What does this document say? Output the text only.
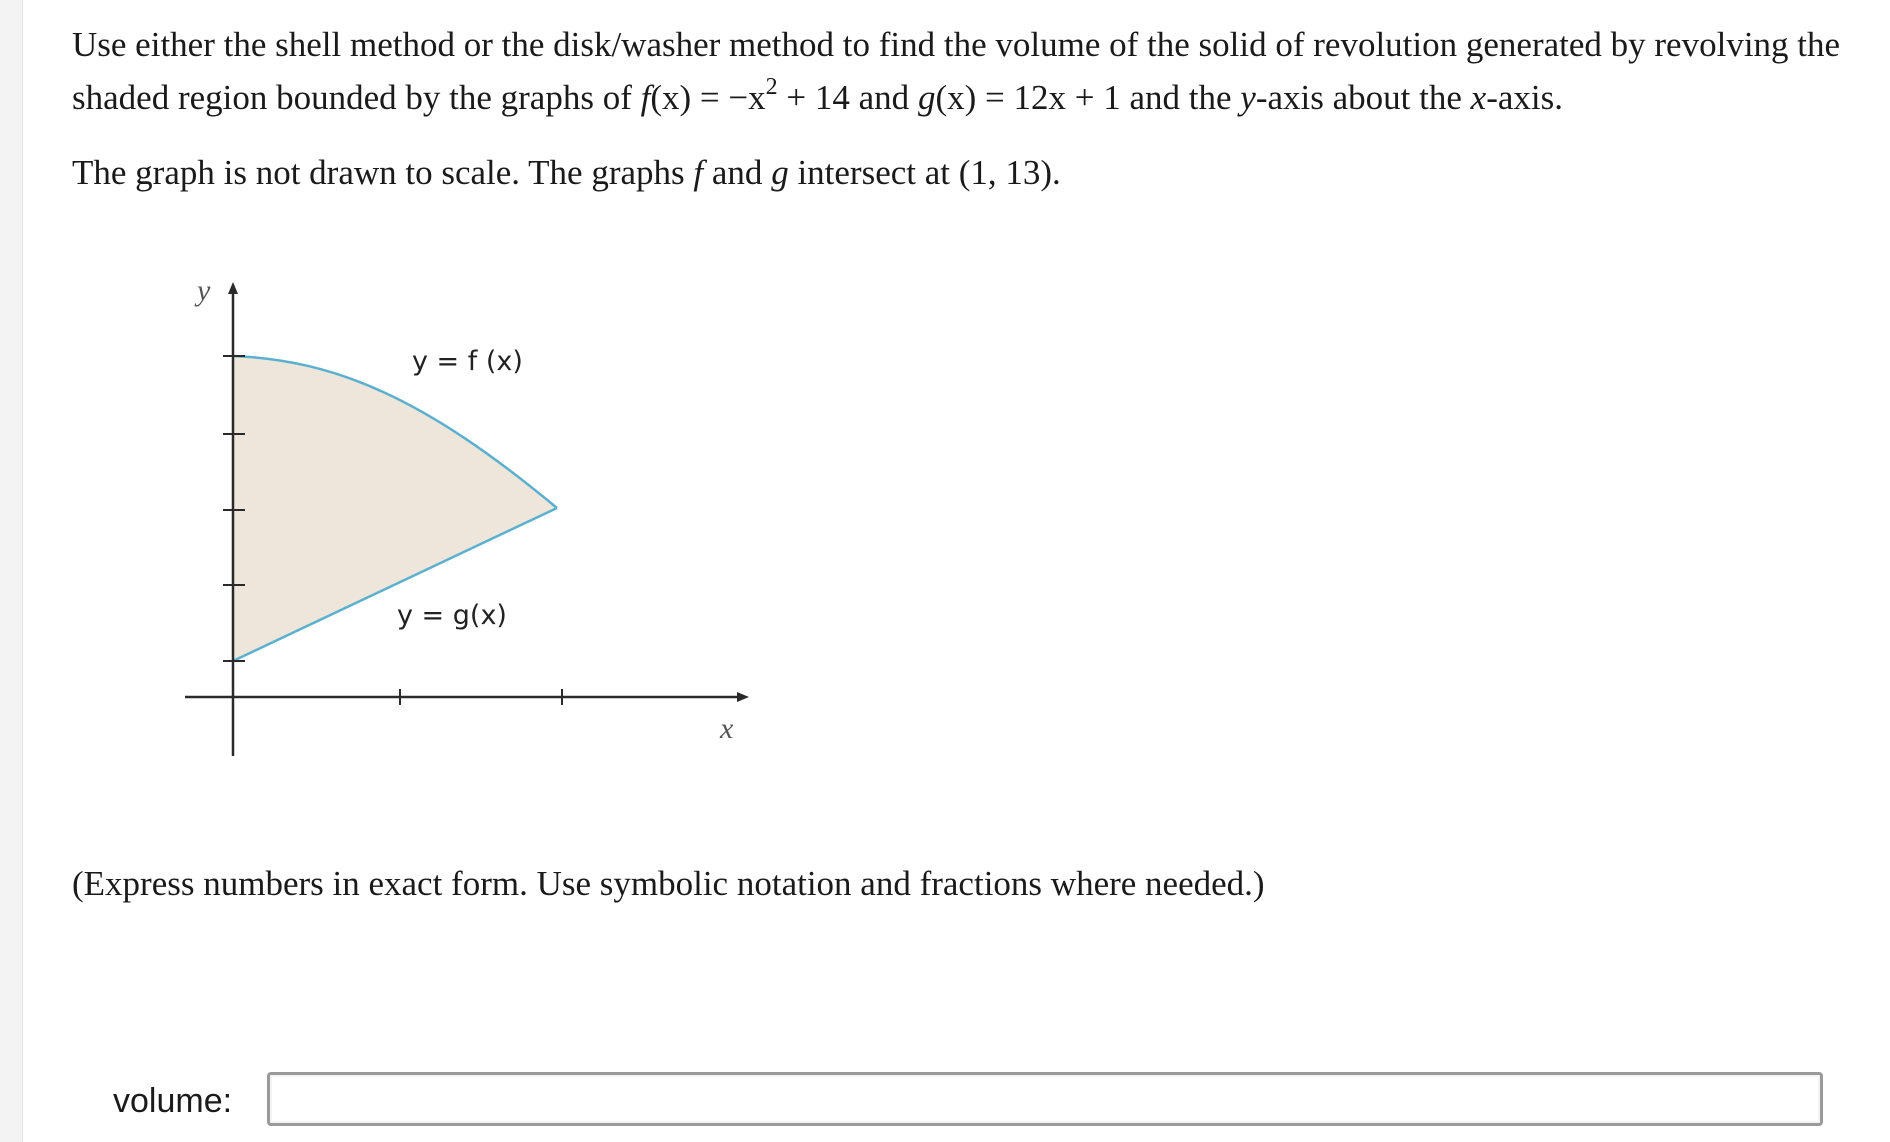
Use either the shell method or the disk/washer method to find the volume of the solid of revolution generated by revolving the

shaded region bounded by the graphs of $f(x) = -x^2 + 14$ and g(x) = 12x + 1 and the y-axis about the x-axis.

The graph is not drawn to scale. The graphs f and g intersect at (1, 13).

y
x
y = f (x)
y = g(x)
(Express numbers in exact form. Use symbolic notation and fractions where needed.)
volume:
